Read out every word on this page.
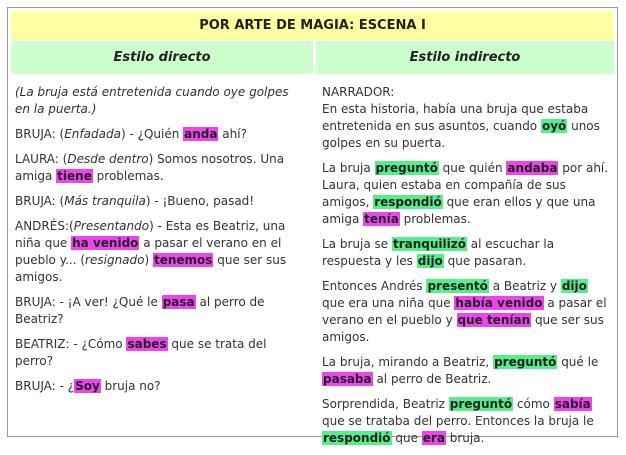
POR ARTE DE MAGIA: ESCENA I
Estilo directo	Estilo indirecto

(La bruja está entretenida cuando oye golpes en la puerta.)

BRUJA: (Enfadada) - ¿Quién anda ahí?

LAURA: (Desde dentro) Somos nosotros. Una amiga tiene problemas.

BRUJA: (Más tranquila) - ¡Bueno, pasad!

ANDRÉS:(Presentando) - Esta es Beatriz, una niña que ha venido a pasar el verano en el pueblo y... (resignado) tenemos que ser sus amigos.

BRUJA: - ¡A ver! ¿Qué le pasa al perro de Beatriz?

BEATRIZ: - ¿Cómo sabes que se trata del perro?

BRUJA: - ¿Soy bruja no?

NARRADOR:
En esta historia, había una bruja que estaba entretenida en sus asuntos, cuando oyó unos golpes en su puerta.

La bruja preguntó que quién andaba por ahí. Laura, quien estaba en compañía de sus amigos, respondió que eran ellos y que una amiga tenía problemas.

La bruja se tranquilizó al escuchar la respuesta y les dijo que pasaran.

Entonces Andrés presentó a Beatriz y dijo que era una niña que había venido a pasar el verano en el pueblo y que tenían que ser sus amigos.

La bruja, mirando a Beatriz, preguntó qué le pasaba al perro de Beatriz.

Sorprendida, Beatriz preguntó cómo sabía que se trataba del perro. Entonces la bruja le respondió que era bruja.
